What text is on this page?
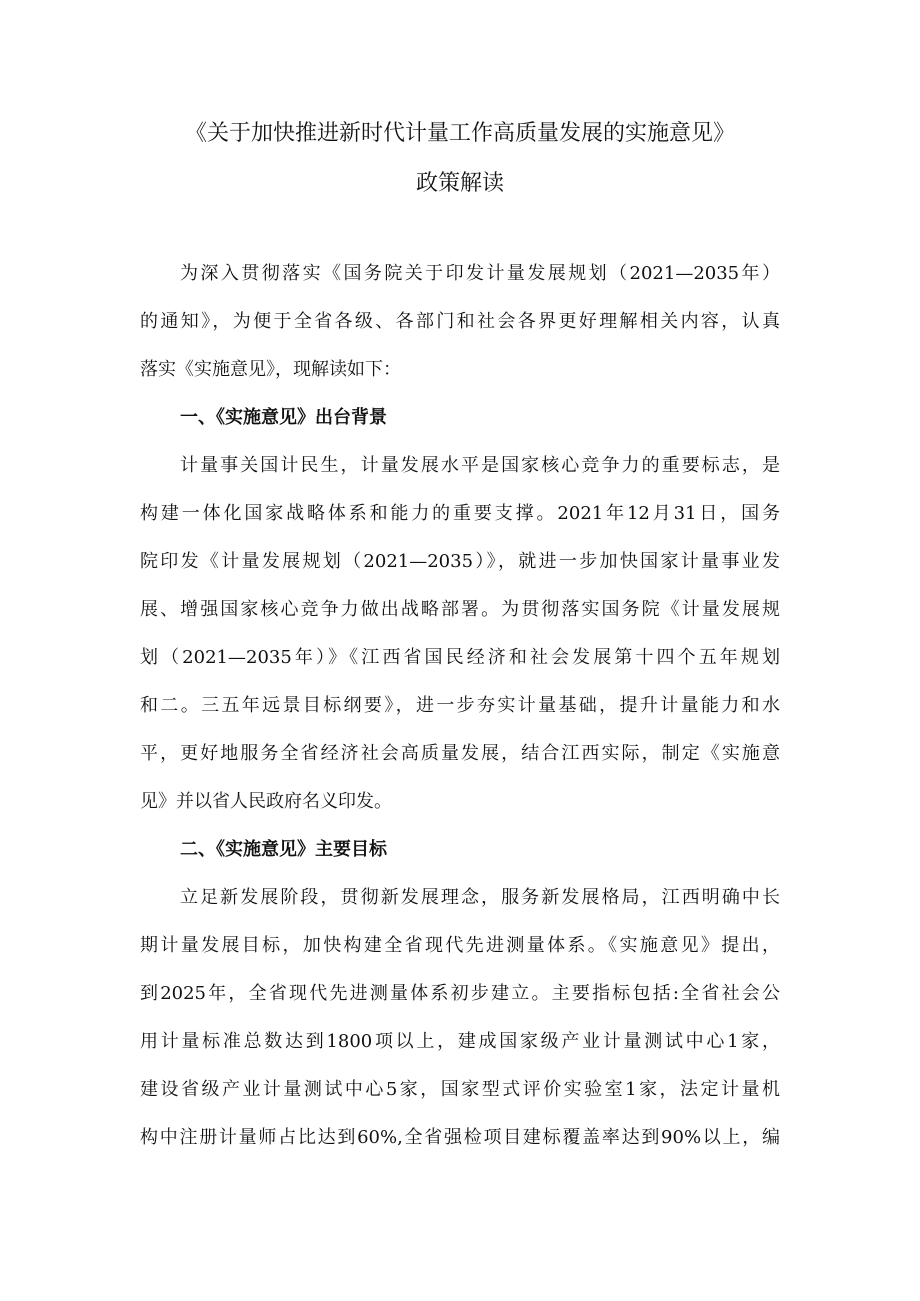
《关于加快推进新时代计量工作高质量发展的实施意见》
政策解读
为深入贯彻落实《国务院关于印发计量发展规划（2021—2035年）
的通知》，为便于全省各级、各部门和社会各界更好理解相关内容，认真
落实《实施意见》，现解读如下：
一、《实施意见》出台背景
计量事关国计民生，计量发展水平是国家核心竞争力的重要标志，是
构建一体化国家战略体系和能力的重要支撑。2021年12月31日，国务
院印发《计量发展规划（2021—2035）》，就进一步加快国家计量事业发
展、增强国家核心竞争力做出战略部署。为贯彻落实国务院《计量发展规
划（2021—2035年）》《江西省国民经济和社会发展第十四个五年规划
和二。三五年远景目标纲要》，进一步夯实计量基础，提升计量能力和水
平，更好地服务全省经济社会高质量发展，结合江西实际，制定《实施意
见》并以省人民政府名义印发。
二、《实施意见》主要目标
立足新发展阶段，贯彻新发展理念，服务新发展格局，江西明确中长
期计量发展目标，加快构建全省现代先进测量体系。《实施意见》提出，
到2025年，全省现代先进测量体系初步建立。主要指标包括:全省社会公
用计量标准总数达到1800项以上，建成国家级产业计量测试中心1家，
建设省级产业计量测试中心5家，国家型式评价实验室1家，法定计量机
构中注册计量师占比达到60%,全省强检项目建标覆盖率达到90%以上，编
